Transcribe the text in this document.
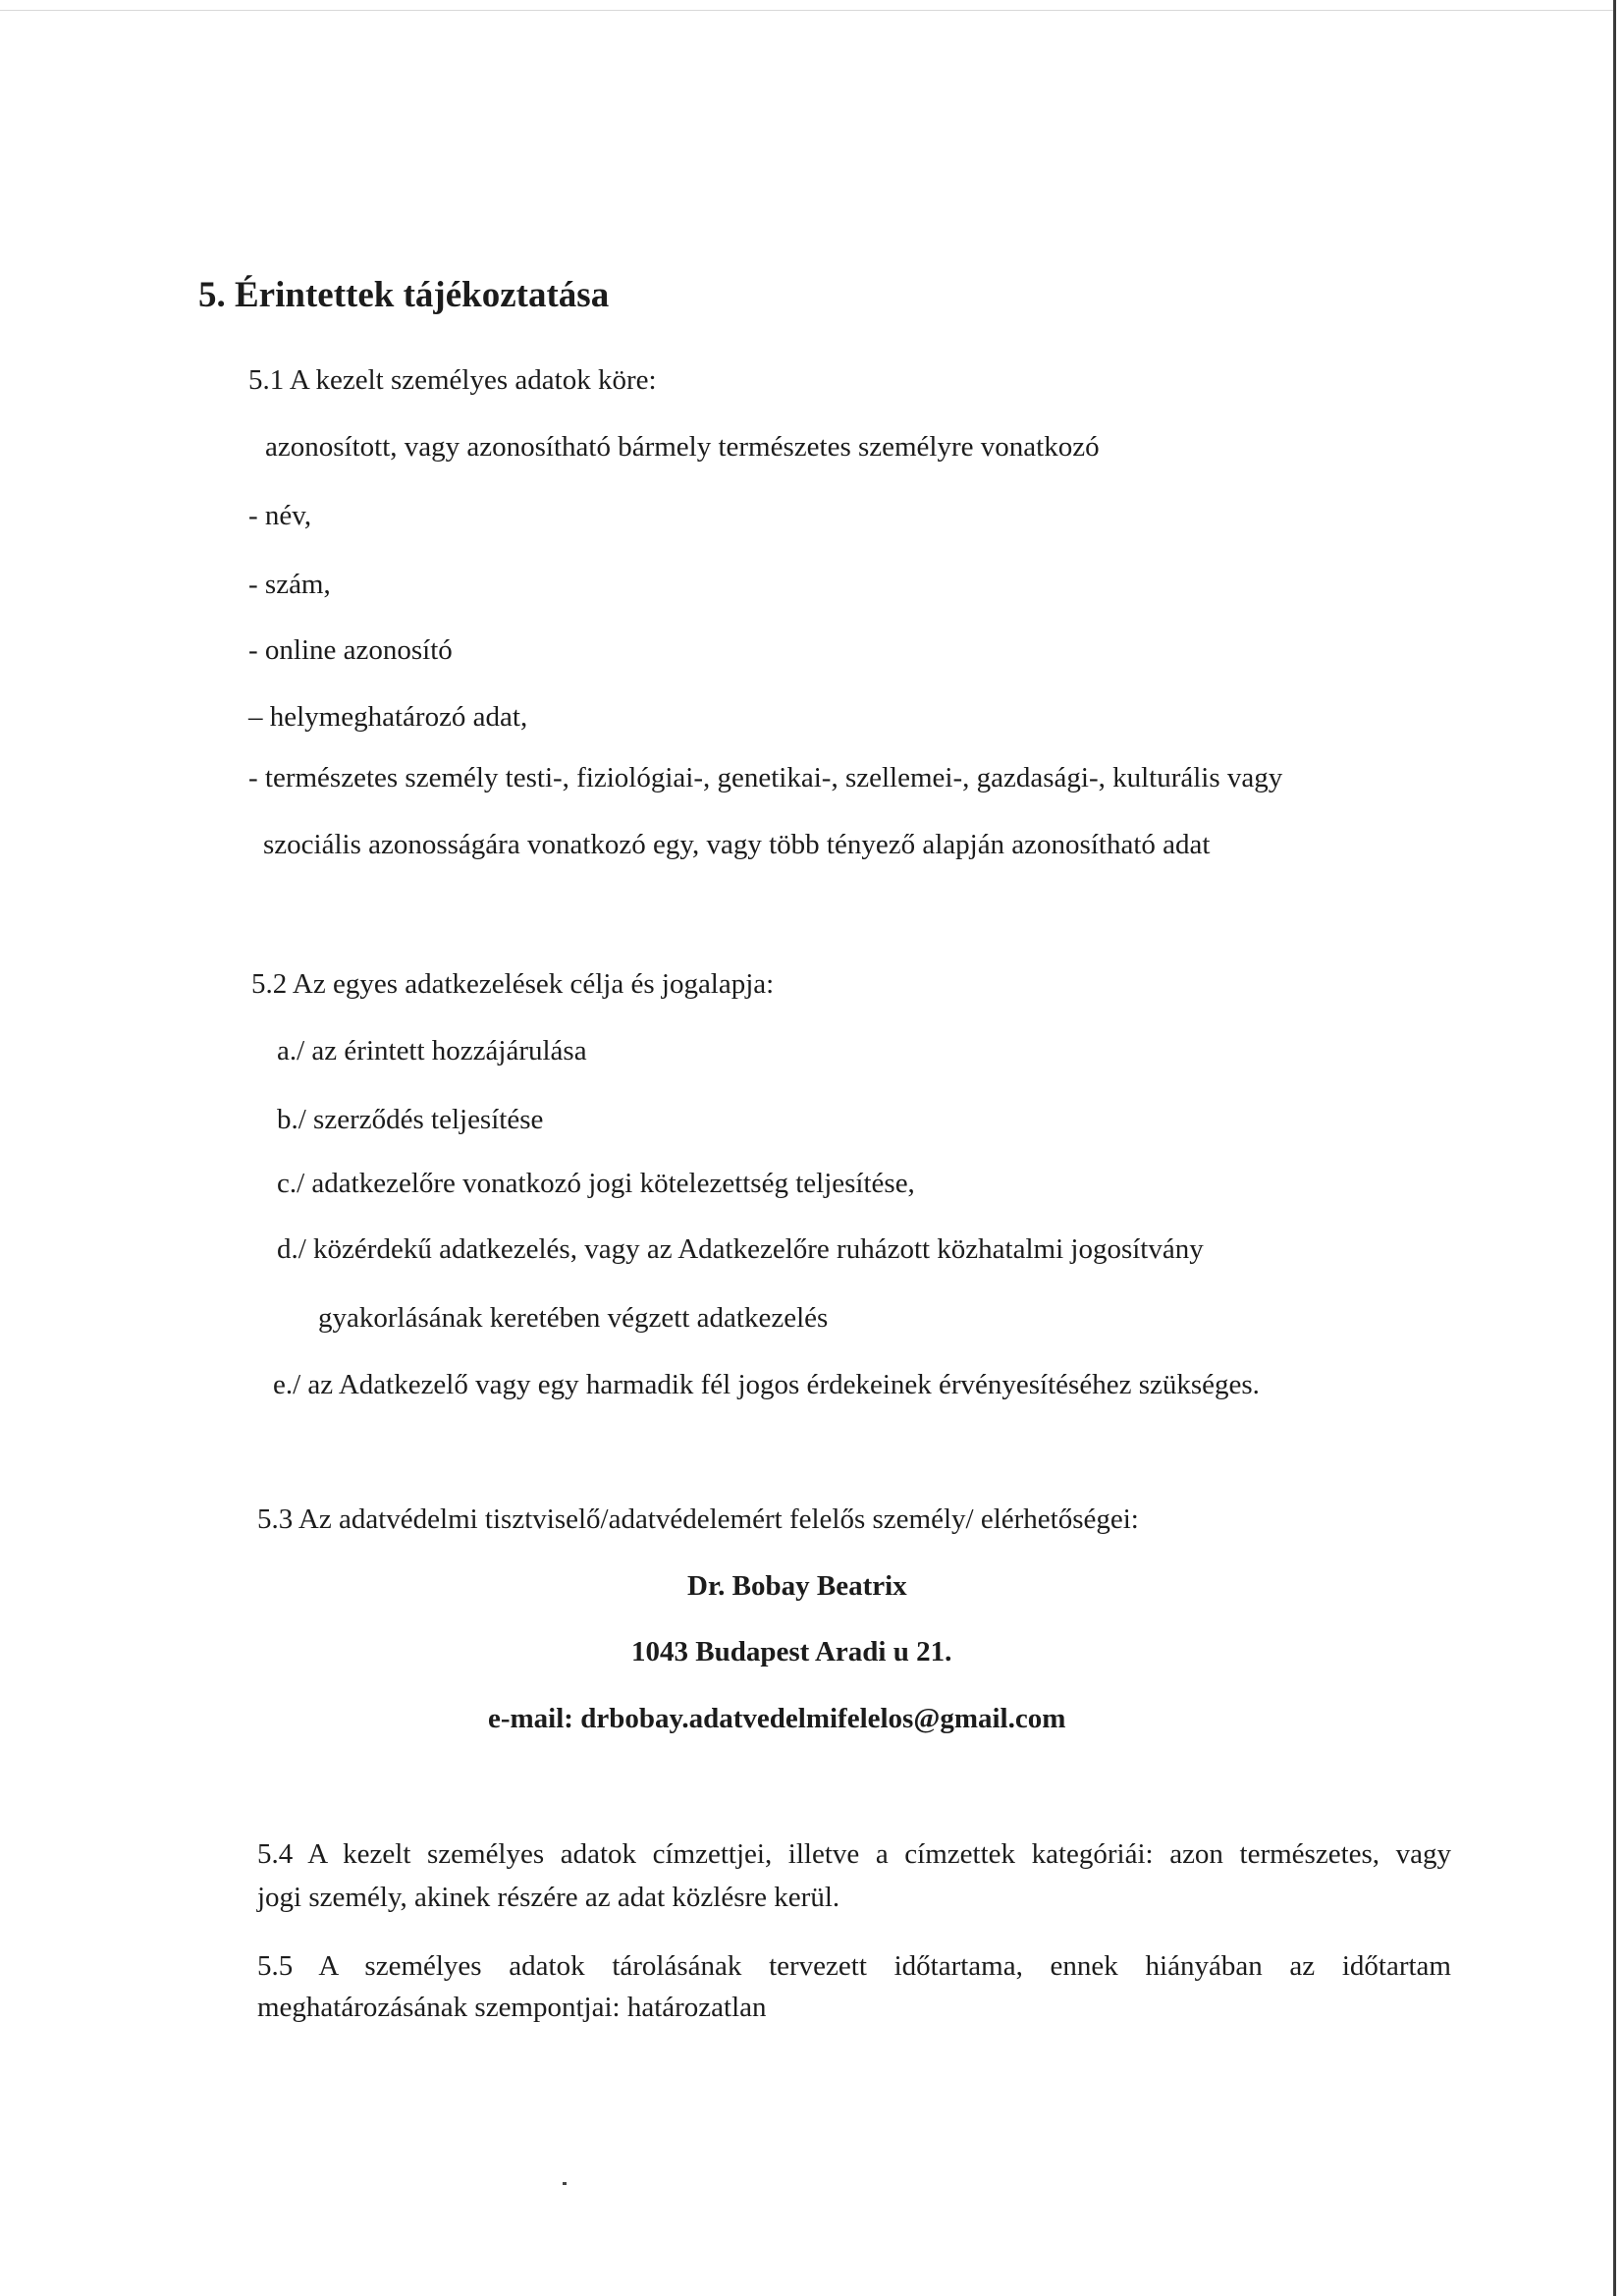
5. Érintettek tájékoztatása
5.1 A kezelt személyes adatok köre:
azonosított, vagy azonosítható bármely természetes személyre vonatkozó
- név,
- szám,
- online azonosító
– helymeghatározó adat,
- természetes személy testi-, fiziológiai-, genetikai-, szellemei-, gazdasági-, kulturális vagy
szociális azonosságára vonatkozó egy, vagy több tényező alapján azonosítható adat
5.2 Az egyes adatkezelések célja és jogalapja:
a./ az érintett hozzájárulása
b./ szerződés teljesítése
c./ adatkezelőre vonatkozó jogi kötelezettség teljesítése,
d./ közérdekű adatkezelés, vagy az Adatkezelőre ruházott közhatalmi jogosítvány
gyakorlásának keretében végzett adatkezelés
e./ az Adatkezelő vagy egy harmadik fél jogos érdekeinek érvényesítéséhez szükséges.
5.3 Az adatvédelmi tisztviselő/adatvédelemért felelős személy/ elérhetőségei:
Dr. Bobay Beatrix
1043 Budapest Aradi u 21.
e-mail: drbobay.adatvedelmifelelos@gmail.com
5.4 A kezelt személyes adatok címzettjei, illetve a címzettek kategóriái: azon természetes, vagy
jogi személy, akinek részére az adat közlésre kerül.
5.5 A személyes adatok tárolásának tervezett időtartama, ennek hiányában az időtartam
meghatározásának szempontjai: határozatlan
